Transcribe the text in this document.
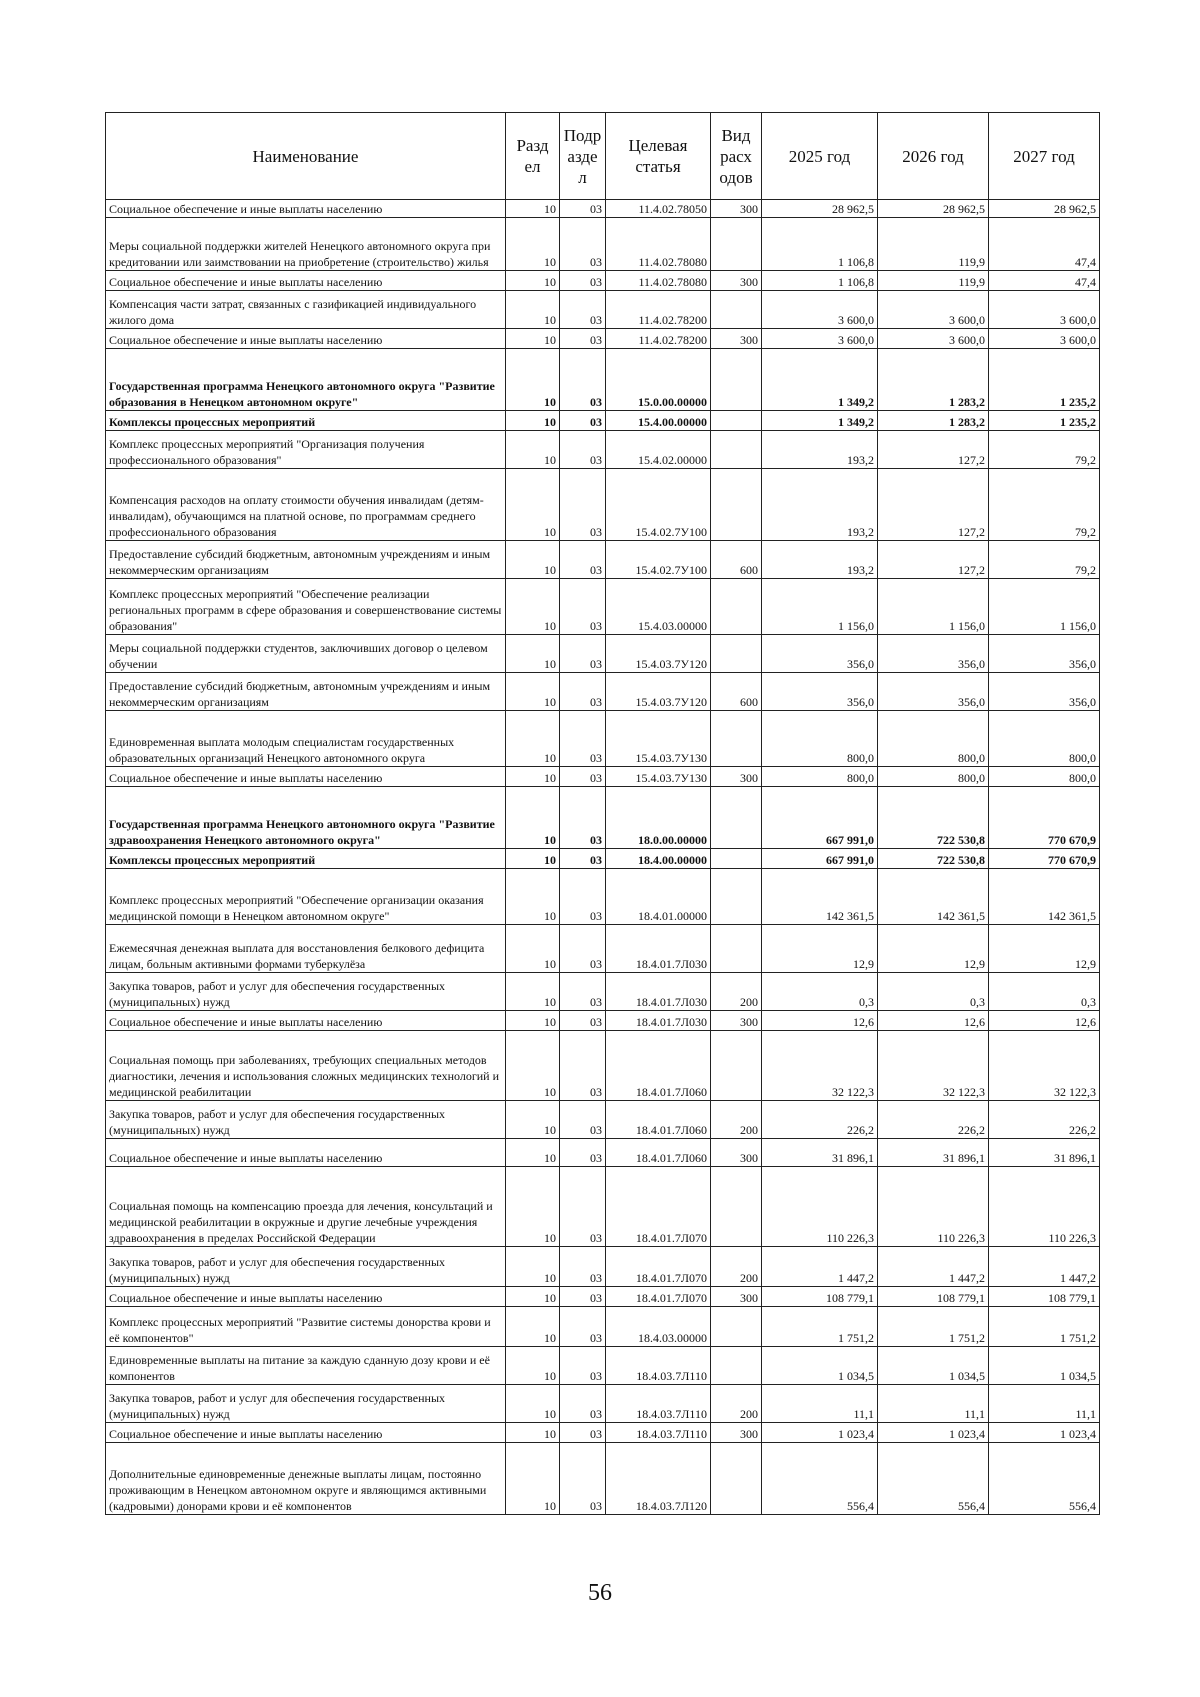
Наименование	Разд ел	Подр азде л	Целевая статья	Вид расх одов	2025 год	2026 год	2027 год
Социальное обеспечение и иные выплаты населению	10	03	11.4.02.78050	300	28 962,5	28 962,5	28 962,5
Меры социальной поддержки жителей Ненецкого автономного округа при кредитовании или заимствовании на приобретение (строительство) жилья	10	03	11.4.02.78080		1 106,8	119,9	47,4
Социальное обеспечение и иные выплаты населению	10	03	11.4.02.78080	300	1 106,8	119,9	47,4
Компенсация части затрат, связанных с газификацией индивидуального жилого дома	10	03	11.4.02.78200		3 600,0	3 600,0	3 600,0
Социальное обеспечение и иные выплаты населению	10	03	11.4.02.78200	300	3 600,0	3 600,0	3 600,0
Государственная программа Ненецкого автономного округа "Развитие образования в Ненецком автономном округе"	10	03	15.0.00.00000		1 349,2	1 283,2	1 235,2
Комплексы процессных мероприятий	10	03	15.4.00.00000		1 349,2	1 283,2	1 235,2
Комплекс процессных мероприятий "Организация получения профессионального образования"	10	03	15.4.02.00000		193,2	127,2	79,2
Компенсация расходов на оплату стоимости обучения инвалидам (детям-инвалидам), обучающимся на платной основе, по программам среднего профессионального образования	10	03	15.4.02.7У100		193,2	127,2	79,2
Предоставление субсидий бюджетным, автономным учреждениям и иным некоммерческим организациям	10	03	15.4.02.7У100	600	193,2	127,2	79,2
Комплекс процессных мероприятий "Обеспечение реализации региональных программ в сфере образования и совершенствование системы образования"	10	03	15.4.03.00000		1 156,0	1 156,0	1 156,0
Меры социальной поддержки студентов, заключивших договор о целевом обучении	10	03	15.4.03.7У120		356,0	356,0	356,0
Предоставление субсидий бюджетным, автономным учреждениям и иным некоммерческим организациям	10	03	15.4.03.7У120	600	356,0	356,0	356,0
Единовременная выплата молодым специалистам государственных образовательных организаций Ненецкого автономного округа	10	03	15.4.03.7У130		800,0	800,0	800,0
Социальное обеспечение и иные выплаты населению	10	03	15.4.03.7У130	300	800,0	800,0	800,0
Государственная программа Ненецкого автономного округа "Развитие здравоохранения Ненецкого автономного округа"	10	03	18.0.00.00000		667 991,0	722 530,8	770 670,9
Комплексы процессных мероприятий	10	03	18.4.00.00000		667 991,0	722 530,8	770 670,9
Комплекс процессных мероприятий "Обеспечение организации оказания медицинской помощи в Ненецком автономном округе"	10	03	18.4.01.00000		142 361,5	142 361,5	142 361,5
Ежемесячная денежная выплата для восстановления белкового дефицита лицам, больным активными формами туберкулёза	10	03	18.4.01.7Л030		12,9	12,9	12,9
Закупка товаров, работ и услуг для обеспечения государственных (муниципальных) нужд	10	03	18.4.01.7Л030	200	0,3	0,3	0,3
Социальное обеспечение и иные выплаты населению	10	03	18.4.01.7Л030	300	12,6	12,6	12,6
Социальная помощь при заболеваниях, требующих специальных методов диагностики, лечения и использования сложных медицинских технологий и медицинской реабилитации	10	03	18.4.01.7Л060		32 122,3	32 122,3	32 122,3
Закупка товаров, работ и услуг для обеспечения государственных (муниципальных) нужд	10	03	18.4.01.7Л060	200	226,2	226,2	226,2
Социальное обеспечение и иные выплаты населению	10	03	18.4.01.7Л060	300	31 896,1	31 896,1	31 896,1
Социальная помощь на компенсацию проезда для лечения, консультаций и медицинской реабилитации в окружные и другие лечебные учреждения здравоохранения в пределах Российской Федерации	10	03	18.4.01.7Л070		110 226,3	110 226,3	110 226,3
Закупка товаров, работ и услуг для обеспечения государственных (муниципальных) нужд	10	03	18.4.01.7Л070	200	1 447,2	1 447,2	1 447,2
Социальное обеспечение и иные выплаты населению	10	03	18.4.01.7Л070	300	108 779,1	108 779,1	108 779,1
Комплекс процессных мероприятий "Развитие системы донорства крови и её компонентов"	10	03	18.4.03.00000		1 751,2	1 751,2	1 751,2
Единовременные выплаты на питание за каждую сданную дозу крови и её компонентов	10	03	18.4.03.7Л110		1 034,5	1 034,5	1 034,5
Закупка товаров, работ и услуг для обеспечения государственных (муниципальных) нужд	10	03	18.4.03.7Л110	200	11,1	11,1	11,1
Социальное обеспечение и иные выплаты населению	10	03	18.4.03.7Л110	300	1 023,4	1 023,4	1 023,4
Дополнительные единовременные денежные выплаты лицам, постоянно проживающим в Ненецком автономном округе и являющимся активными (кадровыми) донорами крови и её компонентов	10	03	18.4.03.7Л120		556,4	556,4	556,4
56
